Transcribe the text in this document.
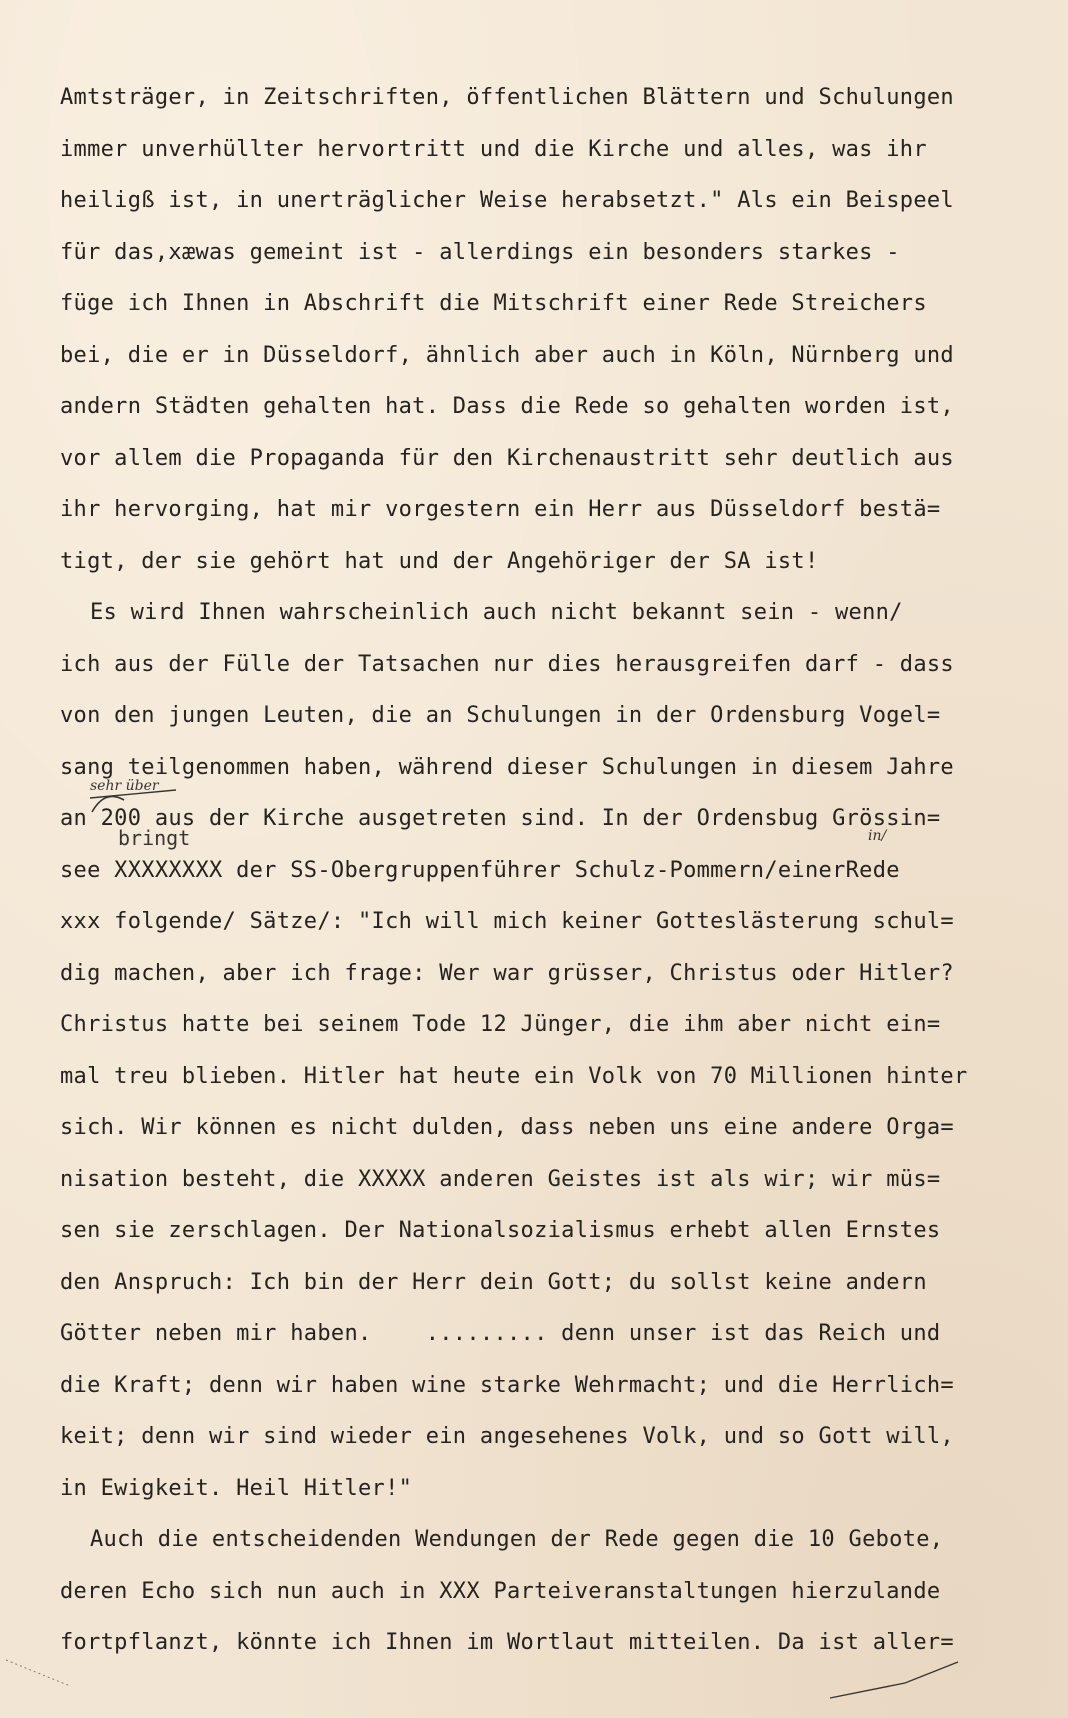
Amtsträger, in Zeitschriften, öffentlichen Blättern und Schulungen
immer unverhüllter hervortritt und die Kirche und alles, was ihr
heiligß ist, in unerträglicher Weise herabsetzt." Als ein Beispeel
für das,xæwas gemeint ist - allerdings ein besonders starkes -
füge ich Ihnen in Abschrift die Mitschrift einer Rede Streichers
bei, die er in Düsseldorf, ähnlich aber auch in Köln, Nürnberg und
andern Städten gehalten hat. Dass die Rede so gehalten worden ist,
vor allem die Propaganda für den Kirchenaustritt sehr deutlich aus
ihr hervorging, hat mir vorgestern ein Herr aus Düsseldorf bestä=
tigt, der sie gehört hat und der Angehöriger der SA ist!
Es wird Ihnen wahrscheinlich auch nicht bekannt sein - wenn/
ich aus der Fülle der Tatsachen nur dies herausgreifen darf - dass
von den jungen Leuten, die an Schulungen in der Ordensburg Vogel=
sang teilgenommen haben, während dieser Schulungen in diesem Jahre
an 200 aus der Kirche ausgetreten sind. In der Ordensbug Grössin=
see XXXXXXXX der SS-Obergruppenführer Schulz-Pommern/einerRede
xxx folgende/ Sätze/: "Ich will mich keiner Gotteslästerung schul=
dig machen, aber ich frage: Wer war grüsser, Christus oder Hitler?
Christus hatte bei seinem Tode 12 Jünger, die ihm aber nicht ein=
mal treu blieben. Hitler hat heute ein Volk von 70 Millionen hinter
sich. Wir können es nicht dulden, dass neben uns eine andere Orga=
nisation besteht, die XXXXX anderen Geistes ist als wir; wir müs=
sen sie zerschlagen. Der Nationalsozialismus erhebt allen Ernstes
den Anspruch: Ich bin der Herr dein Gott; du sollst keine andern
Götter neben mir haben.    ......... denn unser ist das Reich und
die Kraft; denn wir haben wine starke Wehrmacht; und die Herrlich=
keit; denn wir sind wieder ein angesehenes Volk, und so Gott will,
in Ewigkeit. Heil Hitler!"
Auch die entscheidenden Wendungen der Rede gegen die 10 Gebote,
deren Echo sich nun auch in XXX Parteiveranstaltungen hierzulande
fortpflanzt, könnte ich Ihnen im Wortlaut mitteilen. Da ist aller=
sehr über
bringt	in/
